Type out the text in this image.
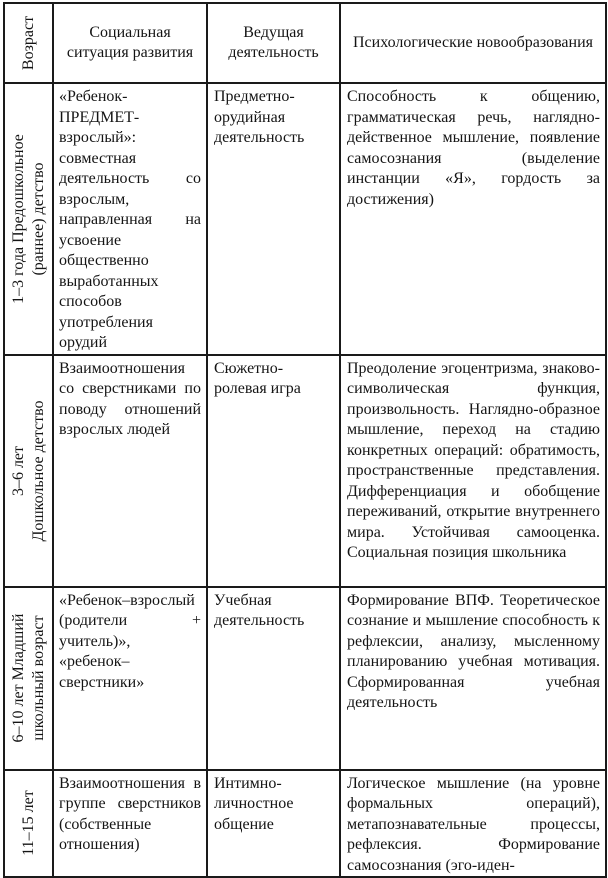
Возраст	Социальная ситуация развития	Ведущая деятельность	Психологические новообразования

1–3 года Предошкольное (раннее) детство	«Ребенок-ПРЕДМЕТ-взрослый»: совместная деятельность со взрослым, направленная на усвоение общественно выработанных способов употребления орудий	Предметно-орудийная деятельность	Способность к общению, грамматическая речь, наглядно-действенное мышление, появление самосознания (выделение инстанции «Я», гордость за достижения)

3–6 лет Дошкольное детство	Взаимоотношения со сверстниками по поводу отношений взрослых людей	Сюжетно-ролевая игра	Преодоление эгоцентризма, знаково-символическая функция, произвольность. Наглядно-образное мышление, переход на стадию конкретных операций: обратимость, пространственные представления. Дифференциация и обобщение переживаний, открытие внутреннего мира. Устойчивая самооценка. Социальная позиция школьника

6–10 лет Младший школьный возраст	«Ребенок–взрослый (родители + учитель)», «ребенок–сверстники»	Учебная деятельность	Формирование ВПФ. Теоретическое сознание и мышление способность к рефлексии, анализу, мысленному планированию учебная мотивация. Сформированная учебная деятельность

11–15 лет	Взаимоотношения в группе сверстников (собственные отношения)	Интимно-личностное общение	Логическое мышление (на уровне формальных операций), метапознавательные процессы, рефлексия. Формирование самосознания (эго-иден-
